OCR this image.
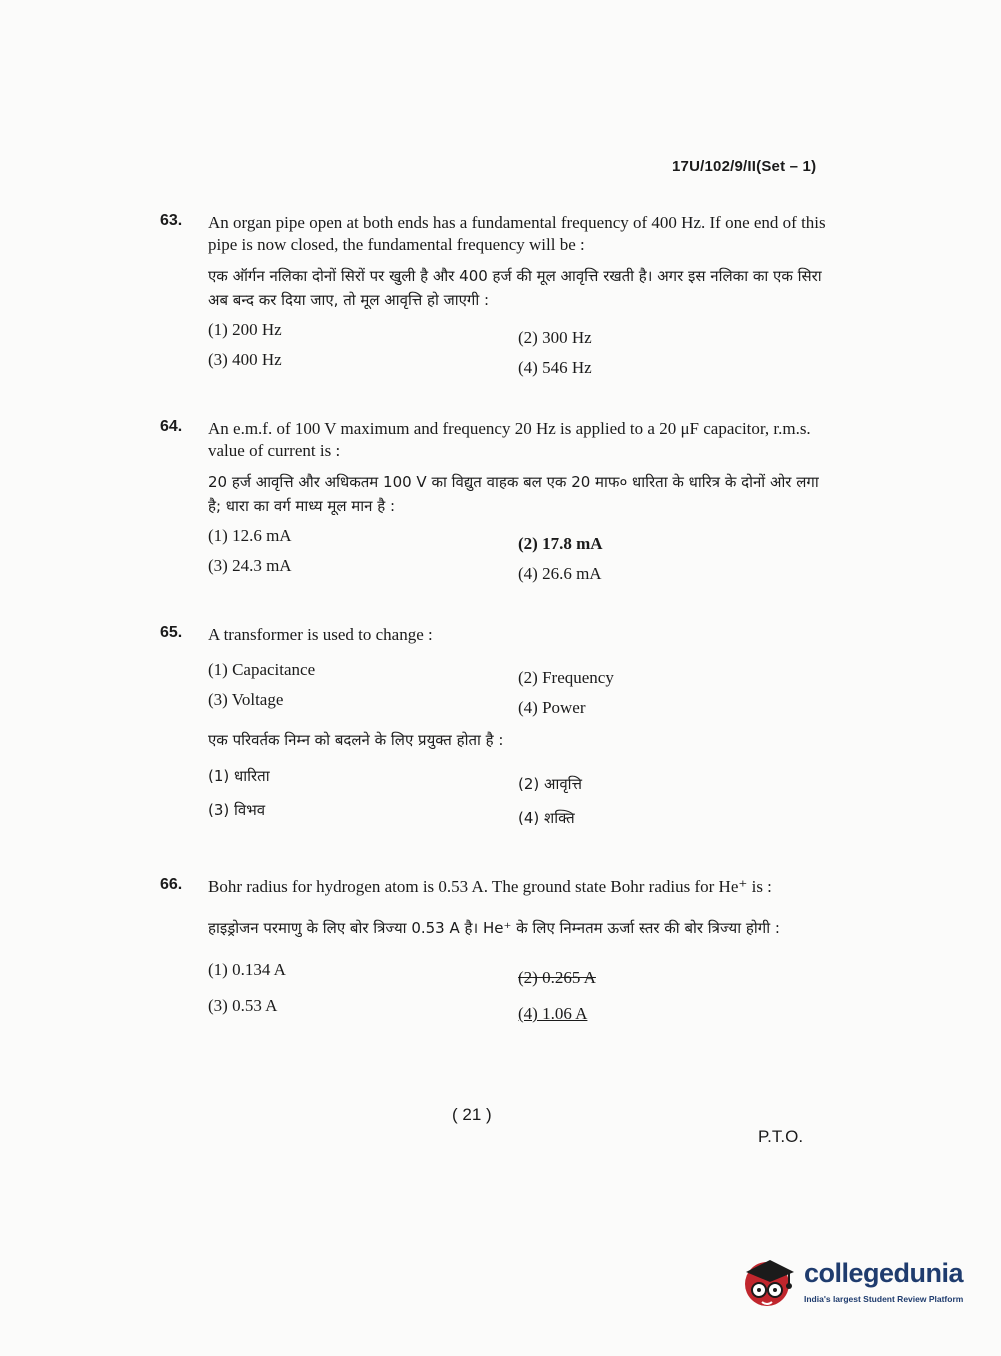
17U/102/9/II(Set – 1)
63. An organ pipe open at both ends has a fundamental frequency of 400 Hz. If one end of this pipe is now closed, the fundamental frequency will be :
एक ऑर्गन नलिका दोनों सिरों पर खुली है और 400 हर्ज की मूल आवृत्ति रखती है। अगर इस नलिका का एक सिरा अब बन्द कर दिया जाए, तो मूल आवृत्ति हो जाएगी :
(1) 200 Hz	(2) 300 Hz
(3) 400 Hz	(4) 546 Hz
64. An e.m.f. of 100 V maximum and frequency 20 Hz is applied to a 20 μF capacitor, r.m.s. value of current is :
20 हर्ज आवृत्ति और अधिकतम 100 V का विद्युत वाहक बल एक 20 माफ० धारिता के धारित्र के दोनों ओर लगा है; धारा का वर्ग माध्य मूल मान है :
(1) 12.6 mA	(2) 17.8 mA
(3) 24.3 mA	(4) 26.6 mA
65. A transformer is used to change :
(1) Capacitance	(2) Frequency
(3) Voltage	(4) Power
एक परिवर्तक निम्न को बदलने के लिए प्रयुक्त होता है :
(1) धारिता	(2) आवृत्ति
(3) विभव	(4) शक्ति
66. Bohr radius for hydrogen atom is 0.53 A. The ground state Bohr radius for He⁺ is :
हाइड्रोजन परमाणु के लिए बोर त्रिज्या 0.53 A है। He⁺ के लिए निम्नतम ऊर्जा स्तर की बोर त्रिज्या होगी :
(1) 0.134 A	(2) 0.265 A
(3) 0.53 A	(4) 1.06 A
( 21 )
P.T.O.
collegedunia
India's largest Student Review Platform
